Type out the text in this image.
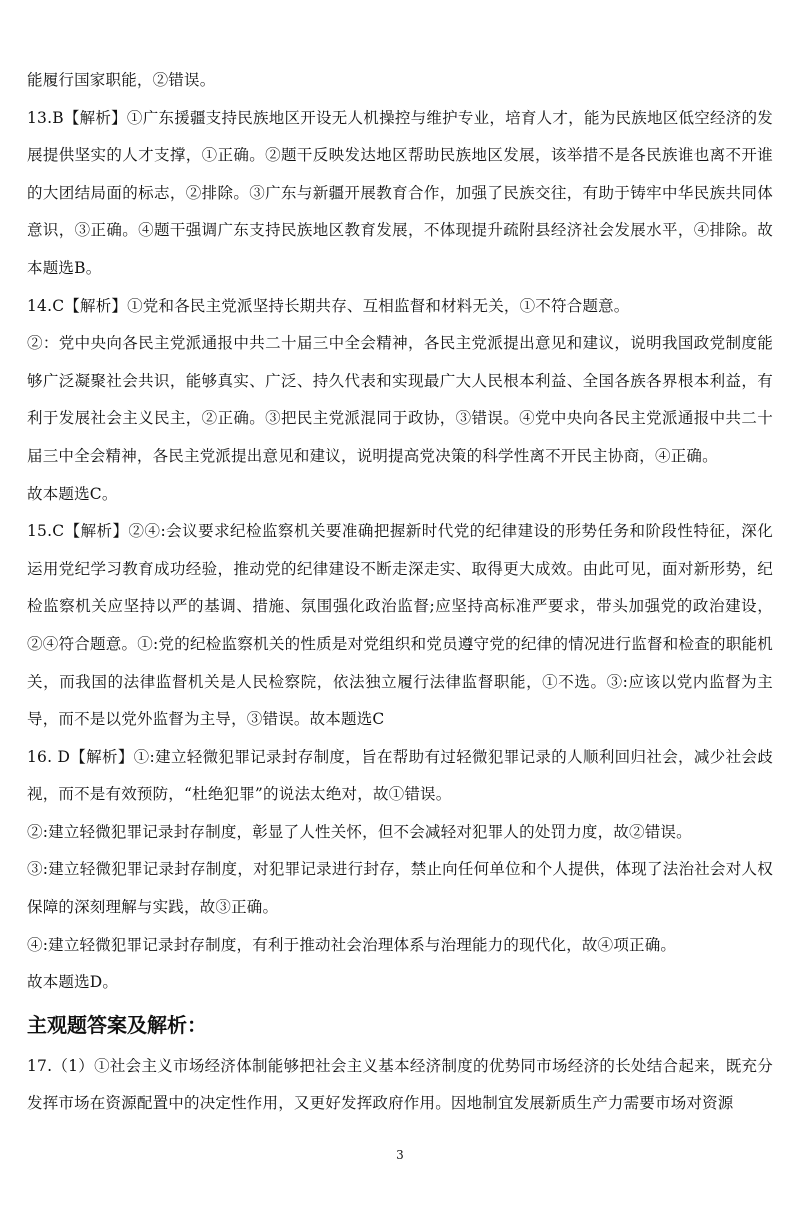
能履行国家职能，②错误。

13.B【解析】①广东援疆支持民族地区开设无人机操控与维护专业，培育人才，能为民族地区低空经济的发展提供坚实的人才支撑，①正确。②题干反映发达地区帮助民族地区发展，该举措不是各民族谁也离不开谁的大团结局面的标志，②排除。③广东与新疆开展教育合作，加强了民族交往，有助于铸牢中华民族共同体意识，③正确。④题干强调广东支持民族地区教育发展，不体现提升疏附县经济社会发展水平，④排除。故本题选B。

14.C【解析】①党和各民主党派坚持长期共存、互相监督和材料无关，①不符合题意。

②：党中央向各民主党派通报中共二十届三中全会精神，各民主党派提出意见和建议，说明我国政党制度能够广泛凝聚社会共识，能够真实、广泛、持久代表和实现最广大人民根本利益、全国各族各界根本利益，有利于发展社会主义民主，②正确。③把民主党派混同于政协，③错误。④党中央向各民主党派通报中共二十届三中全会精神，各民主党派提出意见和建议，说明提高党决策的科学性离不开民主协商，④正确。

故本题选C。

15.C【解析】②④:会议要求纪检监察机关要准确把握新时代党的纪律建设的形势任务和阶段性特征，深化运用党纪学习教育成功经验，推动党的纪律建设不断走深走实、取得更大成效。由此可见，面对新形势，纪检监察机关应坚持以严的基调、措施、氛围强化政治监督;应坚持高标准严要求，带头加强党的政治建设，②④符合题意。①:党的纪检监察机关的性质是对党组织和党员遵守党的纪律的情况进行监督和检查的职能机关，而我国的法律监督机关是人民检察院，依法独立履行法律监督职能，①不选。③:应该以党内监督为主导，而不是以党外监督为主导，③错误。故本题选C

16. D【解析】①:建立轻微犯罪记录封存制度，旨在帮助有过轻微犯罪记录的人顺利回归社会，减少社会歧视，而不是有效预防，“杜绝犯罪”的说法太绝对，故①错误。

②:建立轻微犯罪记录封存制度，彰显了人性关怀，但不会减轻对犯罪人的处罚力度，故②错误。

③:建立轻微犯罪记录封存制度，对犯罪记录进行封存，禁止向任何单位和个人提供，体现了法治社会对人权保障的深刻理解与实践，故③正确。

④:建立轻微犯罪记录封存制度，有利于推动社会治理体系与治理能力的现代化，故④项正确。

故本题选D。

主观题答案及解析：

17.（1）①社会主义市场经济体制能够把社会主义基本经济制度的优势同市场经济的长处结合起来，既充分发挥市场在资源配置中的决定性作用，又更好发挥政府作用。因地制宜发展新质生产力需要市场对资源

3
